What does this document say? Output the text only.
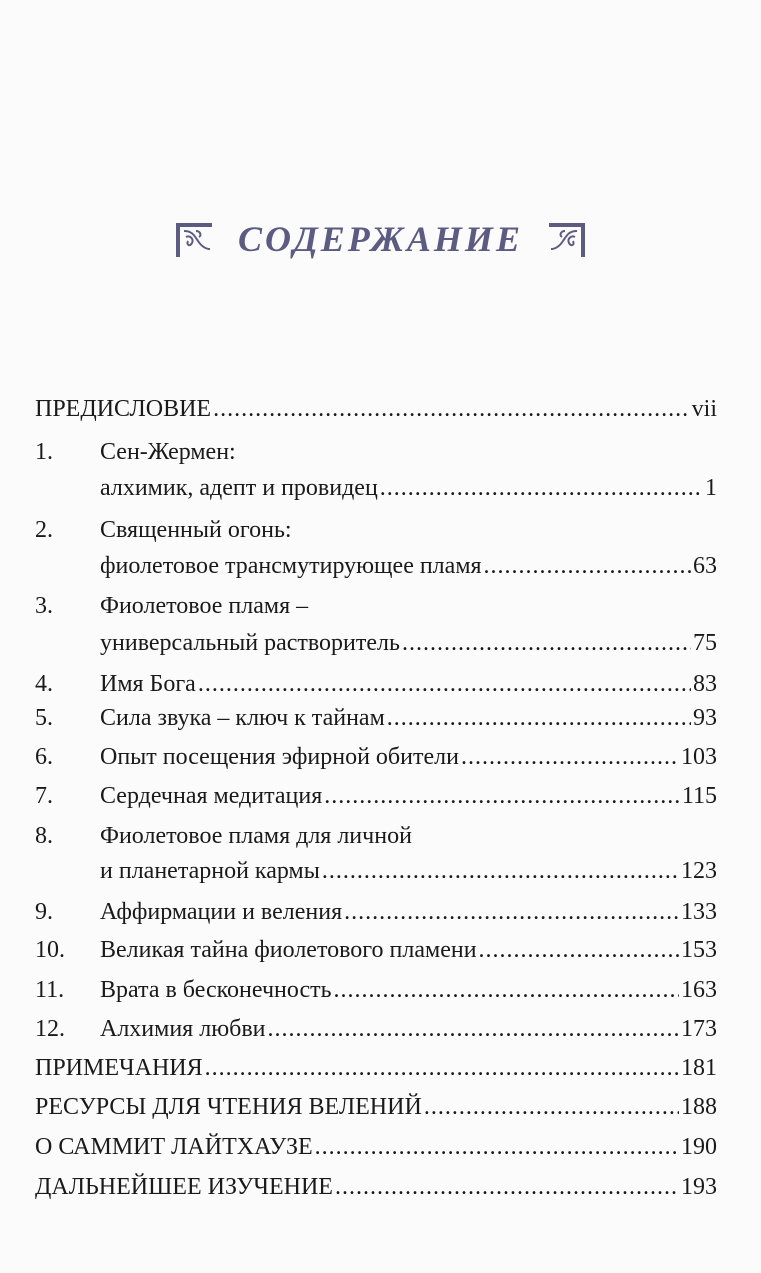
СОДЕРЖАНИЕ
ПРЕДИСЛОВИЕ .....	vii
1.	Сен-Жермен:
алхимик, адепт и провидец .....	1
2.	Священный огонь:
фиолетовое трансмутирующее пламя .....	63
3.	Фиолетовое пламя –
универсальный растворитель .....	75
4.	Имя Бога .....	83
5.	Сила звука – ключ к тайнам .....	93
6.	Опыт посещения эфирной обители .....	103
7.	Сердечная медитация .....	115
8.	Фиолетовое пламя для личной
и планетарной кармы .....	123
9.	Аффирмации и веления .....	133
10.	Великая тайна фиолетового пламени .....	153
11.	Врата в бесконечность .....	163
12.	Алхимия любви .....	173
ПРИМЕЧАНИЯ .....	181
РЕСУРСЫ ДЛЯ ЧТЕНИЯ ВЕЛЕНИЙ .....	188
О САММИТ ЛАЙТХАУЗЕ .....	190
ДАЛЬНЕЙШЕЕ ИЗУЧЕНИЕ .....	193
